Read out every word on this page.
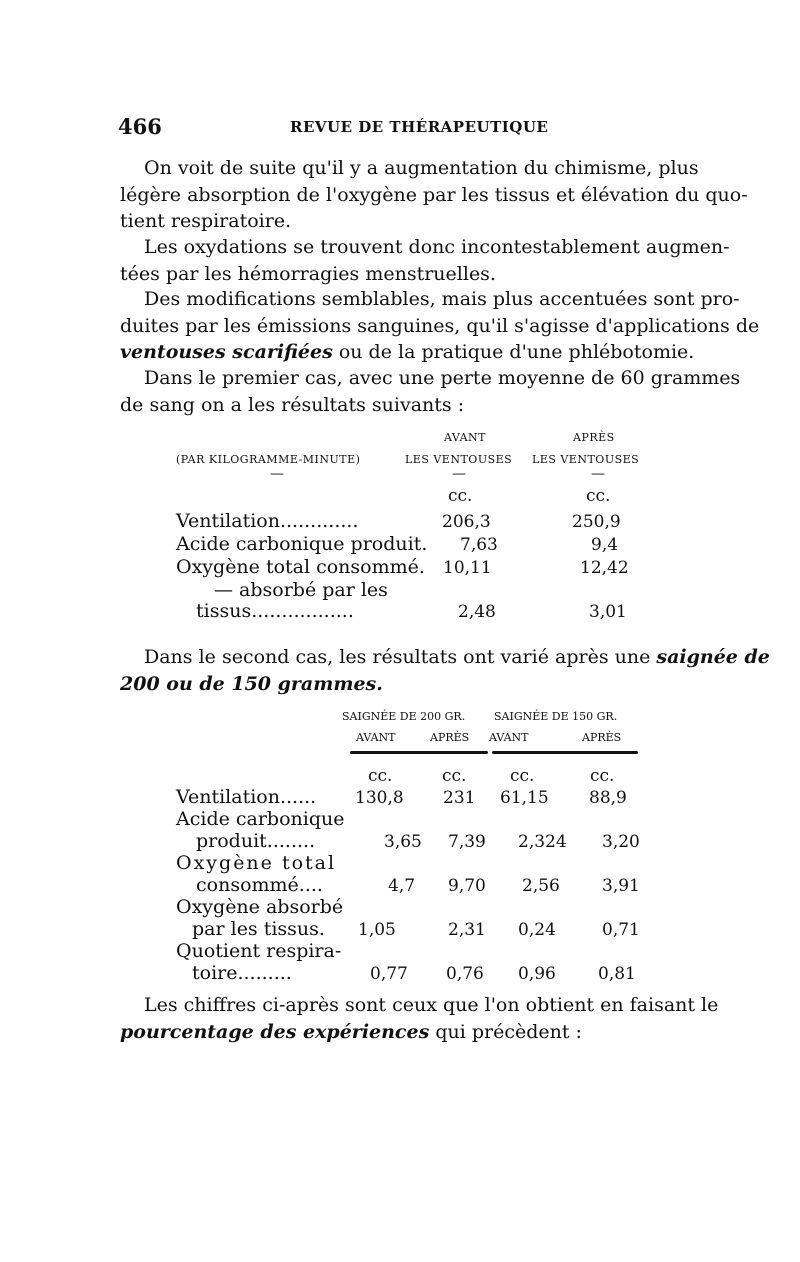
466	REVUE DE THÉRAPEUTIQUE
On voit de suite qu'il y a augmentation du chimisme, plus
légère absorption de l'oxygène par les tissus et élévation du quo-
tient respiratoire.
Les oxydations se trouvent donc incontestablement augmen-
tées par les hémorragies menstruelles.
Des modifications semblables, mais plus accentuées sont pro-
duites par les émissions sanguines, qu'il s'agisse d'applications de
ventouses scarifiées ou de la pratique d'une phlébotomie.
Dans le premier cas, avec une perte moyenne de 60 grammes
de sang on a les résultats suivants :
AVANT	APRÈS
(PAR KILOGRAMME-MINUTE)	LES VENTOUSES LES VENTOUSES
—	—	—
cc.	cc.
Ventilation.............	206,3	250,9
Acide carbonique produit. 7,63	9,4
Oxygène total consommé. 10,11	12,42
— absorbé par les
tissus.................	2,48	3,01
Dans le second cas, les résultats ont varié après une saignée de
200 ou de 150 grammes.
SAIGNÉE DE 200 GR.	SAIGNÉE DE 150 GR.
AVANT	APRÈS AVANT	APRÈS
cc.	cc.	cc.	cc.
Ventilation...... 130,8 231 61,15 88,9
Acide carbonique
produit........	3,65 7,39 2,324 3,20
Oxygène total
consommé....	4,7 9,70 2,56 3,91
Oxygène absorbé
par les tissus. 1,05	2,31 0,24	0,71
Quotient respira-
toire.........	0,77 0,76 0,96 0,81
Les chiffres ci-après sont ceux que l'on obtient en faisant le
pourcentage des expériences qui précèdent :
